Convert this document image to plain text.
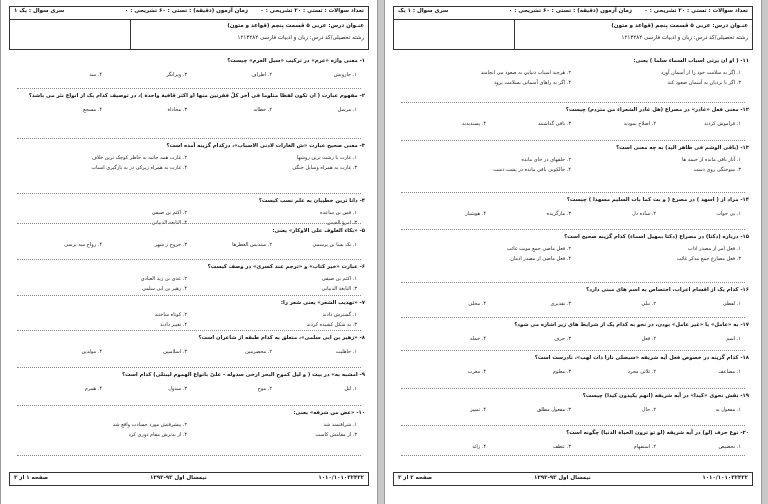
تعداد سوالات : تستی : ۲۰ تشریحی : ۰
زمان آزمون (دقیقه) : تستی : ۶۰ تشریحی : ۰
سری سوال : یک ۱
عنـوان درس: عربی ۵ قسمت پنجم (قواعد و متون)
رشته تحصیلی/کد درس: زبان و ادبیات فارسی ۱۲۱۳۲۸۲
۱- معنی واژه «عرم» در ترکیب «سیل العرم» چیست؟
۱. خاروبش
۲. اطراف
۳. ویرانگر
۴. سد
۲- مفهوم عبارت ( ان تکون لفظا متلوما فی آخر کلّ فقرتین منها او اکثر قافیة واحدة )، در توصیف کدام یک از انواع نثر می باشد؟
۱. مرسل
۲. خطابه
۳. محاذاة
۴. مسجع
۳- معنی صحیح عبارت «ش الغارات لادنی الاسباب»، درکدام گزینه آمده است؟
۱. غارت با زشت ترین روشها
۲. غارت همه جانبه به خاطر کوچک ترین خلاف
۳. غارت به همراه وسایل جنگی
۴. غارت به همراه زیرکی در به بازگیری اسباب
۴- دانا ترین خطیبان به علم نسب کیست؟
۱. قس بن ساعده
۲. اکثم بن صیفی
۳. امرؤ القیس
۴. النابغة الذبیانی
۵- «بکاء الغلوف علی الاوکار» یعنی:
۱. بک بسا بن یرسمی
۲. سندیس العطرها
۳. خروج ز شهر
۴. رواح سه یرسی
۶- عبارت «خیر کتاب» و «ترجم عند کسری» در وصف کیست؟
۱. اکثم بن صیفی
۲. عدی بن زید العبادی
۳. النابغة الذبیانی
۴. زهیر بن ابی سلمی
۷- «تهذیب الشعر» یعنی شعر را:
۱. گسترش دادند
۲. کوتاه ساختند
۳. به شکل کشیده کردند
۴. تغییر دادند
۸- «زهیر بن ابی سلمی»، متعلق به کدام طبقه از شاعران است؟
۱. جاهلیت
۲. مخضرمین
۳. اسلامیین
۴. مولدین
۹- امشبه به» در بیت ( و لیل کموج البحر ارخی سدوله - علیّ بانواع الهموم لیبتلی) کدام است؟
۱. لیل
۲. موج
۳. سدول
۴. همرم
۱۰- «عض من شرفه» یعنی:
۱. شرافتمند شد
۲. پیشرفتش مورد حسادت واقع شد
۳. از مقامش کاست
۴. از بدترش مقام دوری کرد
صفحه ۱ از ۳	نیمسال اول ۹۳-۱۳۹۲	۱۰۱۰/۱۰۱۰۳۲۴۳۲
تعداد سوالات : تستی : ۲۰ تشریحی : ۰
زمان آزمون (دقیقه) : تستی : ۶۰ تشریحی : ۰
سری سوال : ۱ یک
عنـوان درس: عربی ۵ قسمت پنجم (قواعد و متون)
رشته تحصیلی/کد درس: زبان و ادبیات فارسی ۱۲۱۳۲۸۲
۱۱- ( او ان یرثی اسباب السماء سلما ) یعنی:
۱. اگر به سلامت خود را از آسمان آورد
۲. هرچند اسباب دنیایی به صعود می انجامند
۳. اگر با نردبان به آسمان صعود کند
۴. اگر به راهای آسمانی بسلامت برود
۱۲- معنی فعل «غادر» در مصراع (هل غادر الشعراء من متردم) چیست؟
۱. فراموش کردند
۲. اصلاح نمودند
۳. باقی گذاشتند
۴. پسندیدند
۱۳- (باقی الوشم فی ظاهر الید) به چه معنی است؟
۱. آثار باقی مانده از خیمه ها
۲. حلقهای در جای مانده
۳. سوختگی روی دست
۴. خالکوبی باقی مانده در پشت دست
۱۴- مراد از ( اسهد ) در مصرع ( و بت کما بات السلیم مسهدا ) چیست؟
۱. بی خواب
۲. ساده دل
۳. مارگزیده
۴. هوشیار
۱۵- درباره (دکتا) در مصراع (دکتا بمهیل اسماء) کدام گزینه صحیح است؟
۱. فعل امر از مصدر اذاب
۲. فعل ماضی جمع مونث غائب
۳. فعل مضارع جمع مذکر غائب
۴. فعل ماضی از مصدر اذمان
۱۶- کدام یک از اقسام اعراب، اختصاص به اسم های مبنی دارد؟
۱. لفظی
۲. تبلی
۳. تقدیری
۴. محلی
۱۷- به «عامل» یا «غیر عامل» بودن، در نحو به کدام یک از شرایط های زیر اشاره می شود؟
۱. اسم
۲. فعل
۳. حرف
۴. جمله
۱۸- کدام گزینه در خصوص فعل آیه شریفه «سیصلی نارا ذات لهب»، نادرست است؟
۱. مضاعف
۲. ثلاثی مجرد
۳. معلوم
۴. معرب
۱۹- نقش نحوی «کیدا» در آیه شریفه (انهم یکیدون کیدا) چیست؟
۱. مفعول به
۲. حال
۳. مفعول مطلق
۴. تمییز
۲۰- نوع حرف (لو) در آیه شریفه (لو تو ترون الحیاة الدنیا) چگونه است؟
۱. تحضیض
۲. استفهام
۳. عطف
۴. زائد
صفحه ۲ از ۳	نیمسال اول ۹۳-۱۳۹۲	۱۰۱۰/۱۰۱۰۳۲۴۳۲
